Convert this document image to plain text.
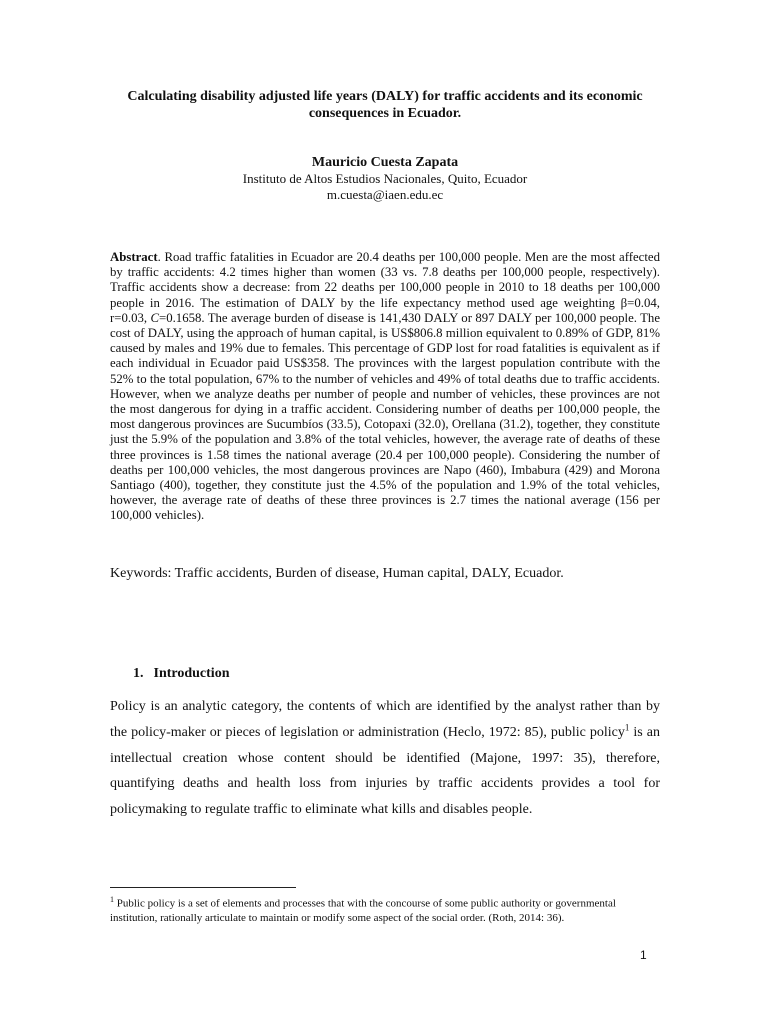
Calculating disability adjusted life years (DALY) for traffic accidents and its economic consequences in Ecuador.
Mauricio Cuesta Zapata
Instituto de Altos Estudios Nacionales, Quito, Ecuador
m.cuesta@iaen.edu.ec

Abstract. Road traffic fatalities in Ecuador are 20.4 deaths per 100,000 people. Men are the most affected by traffic accidents: 4.2 times higher than women (33 vs. 7.8 deaths per 100,000 people, respectively). Traffic accidents show a decrease: from 22 deaths per 100,000 people in 2010 to 18 deaths per 100,000 people in 2016. The estimation of DALY by the life expectancy method used age weighting β=0.04, r=0.03, C=0.1658. The average burden of disease is 141,430 DALY or 897 DALY per 100,000 people. The cost of DALY, using the approach of human capital, is US$806.8 million equivalent to 0.89% of GDP, 81% caused by males and 19% due to females. This percentage of GDP lost for road fatalities is equivalent as if each individual in Ecuador paid US$358. The provinces with the largest population contribute with the 52% to the total population, 67% to the number of vehicles and 49% of total deaths due to traffic accidents. However, when we analyze deaths per number of people and number of vehicles, these provinces are not the most dangerous for dying in a traffic accident. Considering number of deaths per 100,000 people, the most dangerous provinces are Sucumbíos (33.5), Cotopaxi (32.0), Orellana (31.2), together, they constitute just the 5.9% of the population and 3.8% of the total vehicles, however, the average rate of deaths of these three provinces is 1.58 times the national average (20.4 per 100,000 people). Considering the number of deaths per 100,000 vehicles, the most dangerous provinces are Napo (460), Imbabura (429) and Morona Santiago (400), together, they constitute just the 4.5% of the population and 1.9% of the total vehicles, however, the average rate of deaths of these three provinces is 2.7 times the national average (156 per 100,000 vehicles).

Keywords: Traffic accidents, Burden of disease, Human capital, DALY, Ecuador.

1. Introduction

Policy is an analytic category, the contents of which are identified by the analyst rather than by the policy-maker or pieces of legislation or administration (Heclo, 1972: 85), public policy$^1$ is an intellectual creation whose content should be identified (Majone, 1997: 35), therefore, quantifying deaths and health loss from injuries by traffic accidents provides a tool for policymaking to regulate traffic to eliminate what kills and disables people.

$^1$ Public policy is a set of elements and processes that with the concourse of some public authority or governmental institution, rationally articulate to maintain or modify some aspect of the social order. (Roth, 2014: 36).

1
